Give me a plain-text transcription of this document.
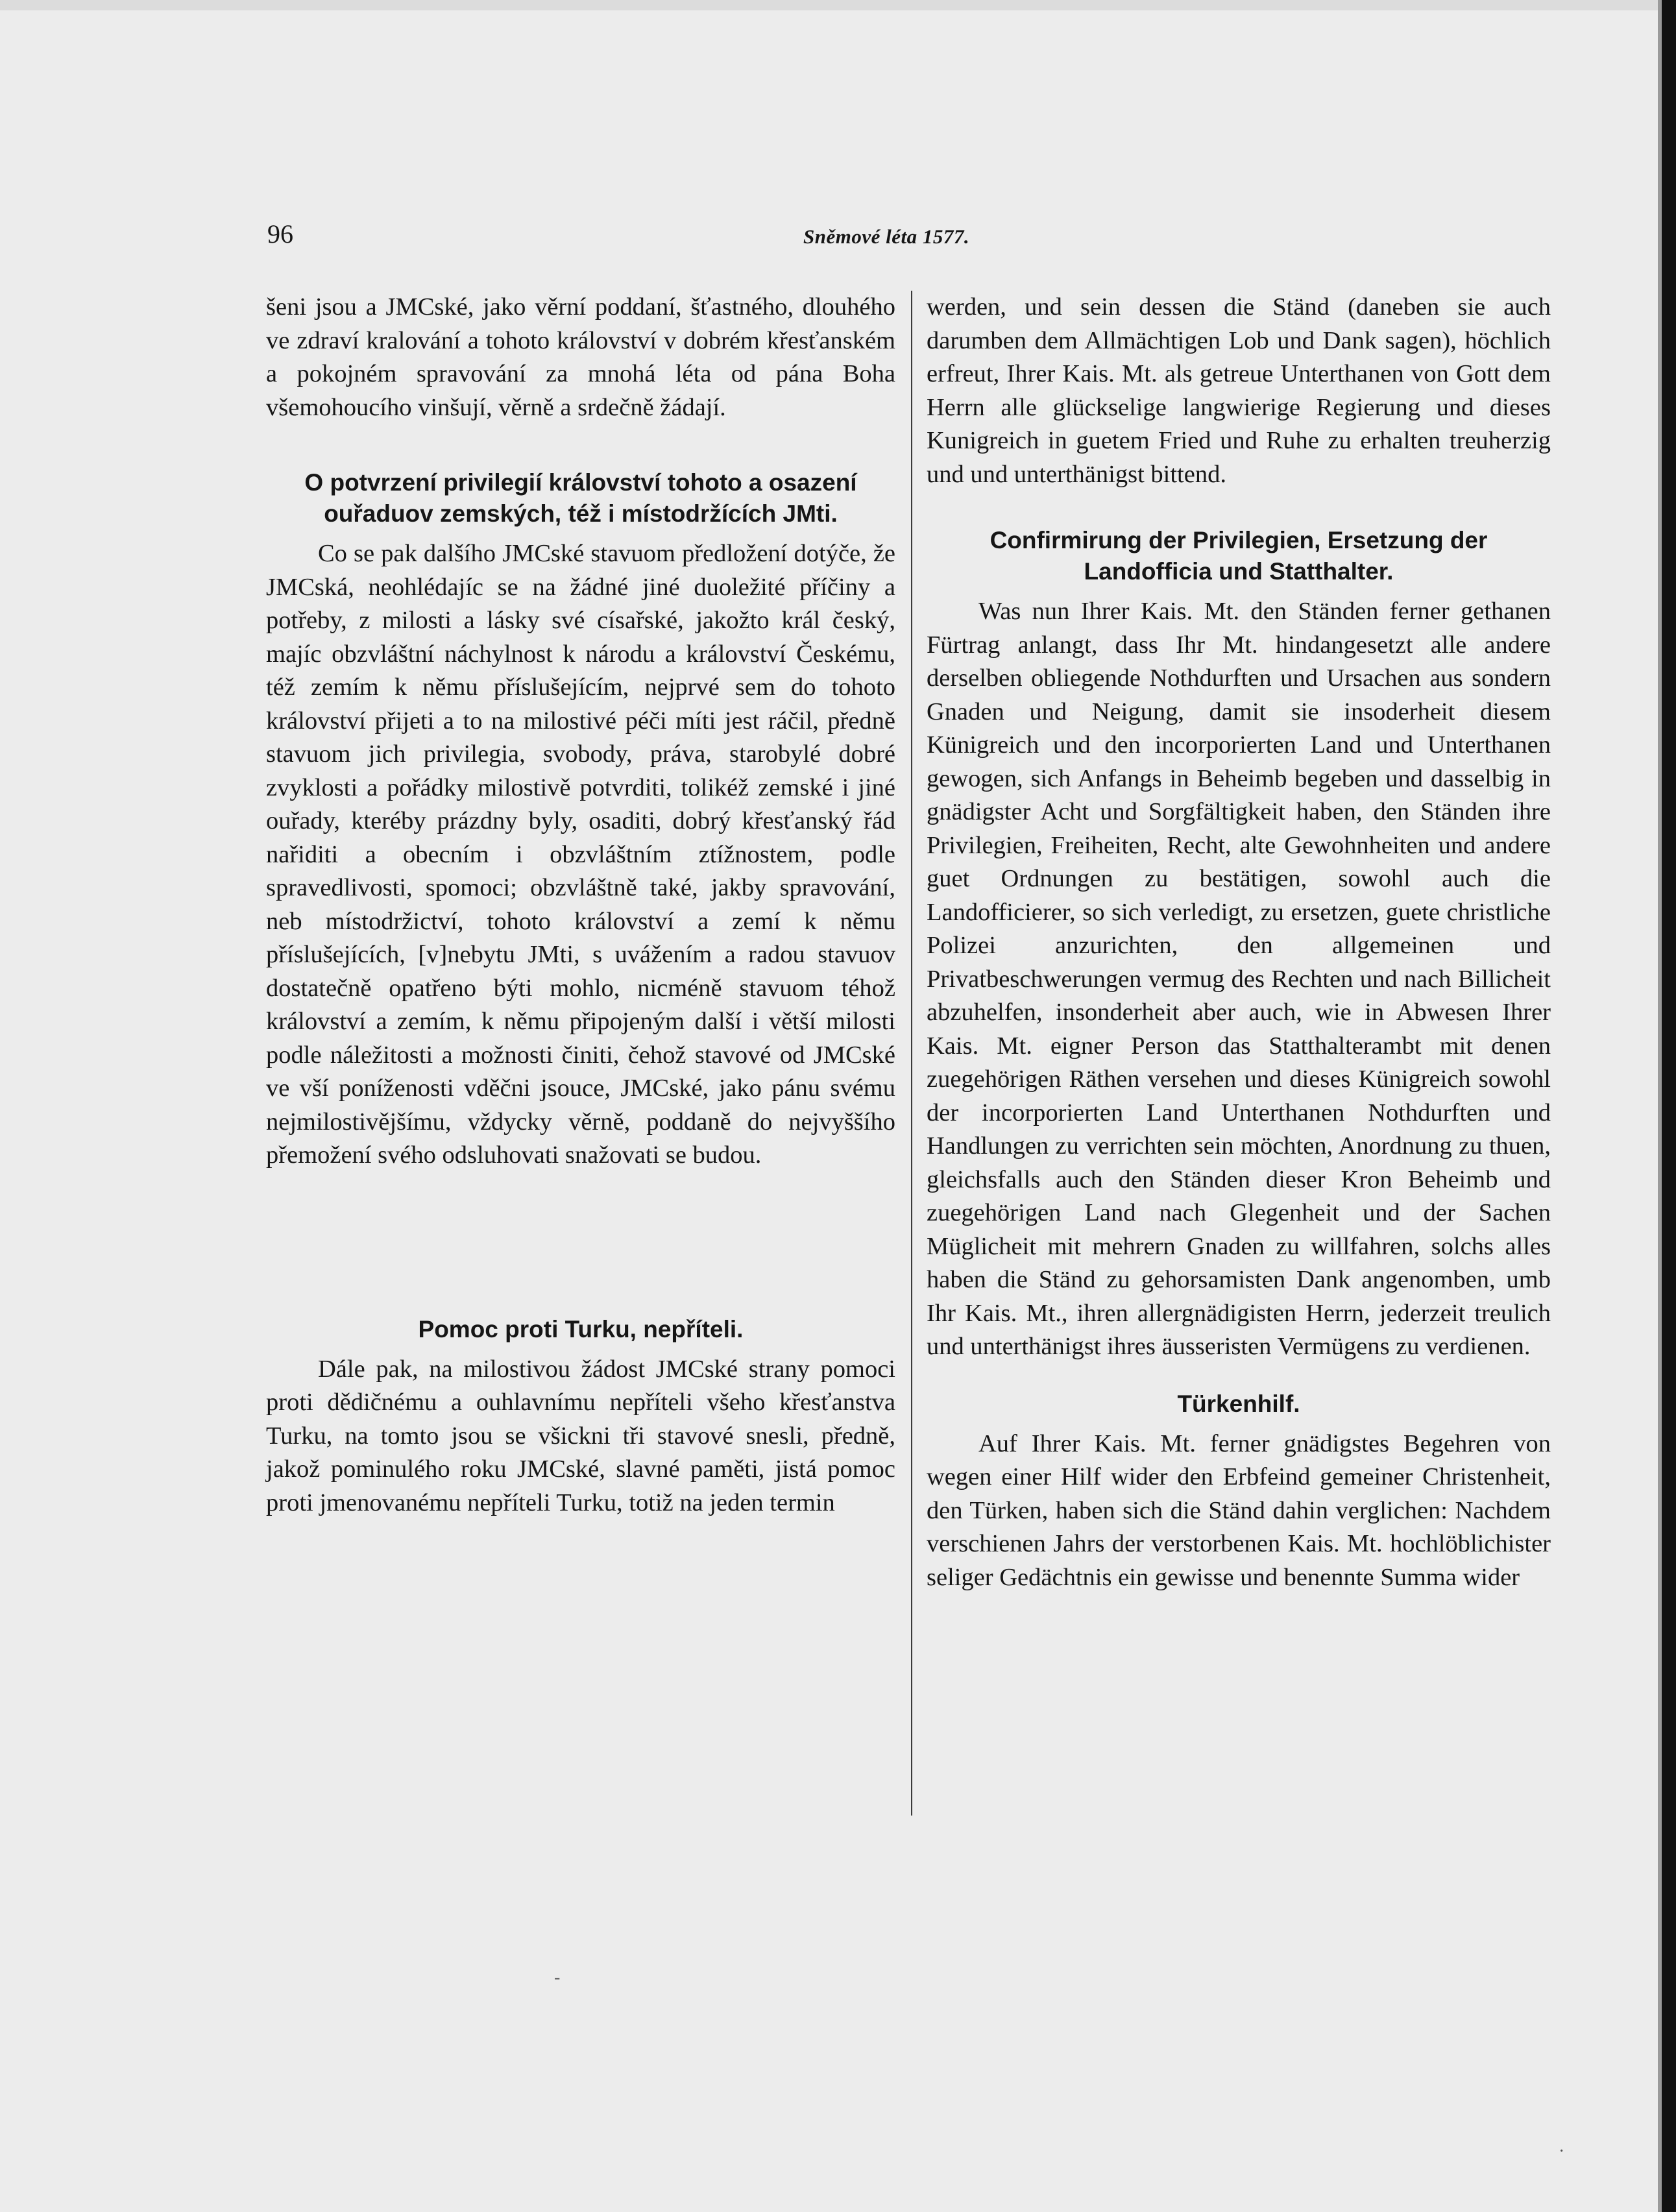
96	Sněmové léta 1577.

šeni jsou a JMCské, jako věrní poddaní, šťastného, dlouhého ve zdraví kralování a tohoto království v dobrém křesťanském a pokojném spravování za mnohá léta od pána Boha všemohoucího vinšují, věrně a srdečně žádají.

O potvrzení privilegií království tohoto a osazení ouřaduov zemských, též i místodržících JMti.

Co se pak dalšího JMCské stavuom předložení dotýče, že JMCská, neohlédajíc se na žádné jiné duoležité příčiny a potřeby, z milosti a lásky své císařské, jakožto král český, majíc obzvláštní náchylnost k národu a království Českému, též zemím k němu příslušejícím, nejprvé sem do tohoto království přijeti a to na milostivé péči míti jest ráčil, předně stavuom jich privilegia, svobody, práva, starobylé dobré zvyklosti a pořádky milostivě potvrditi, tolikéž zemské i jiné ouřady, kteréby prázdny byly, osaditi, dobrý křesťanský řád nařiditi a obecním i obzvláštním ztížnostem, podle spravedlivosti, spomoci; obzvláštně také, jakby spravování, neb místodržictví, tohoto království a zemí k němu příslušejících, [v]nebytu JMti, s uvážením a radou stavuov dostatečně opatřeno býti mohlo, nicméně stavuom téhož království a zemím, k němu připojeným další i větší milosti podle náležitosti a možnosti činiti, čehož stavové od JMCské ve vší poníženosti vděčni jsouce, JMCské, jako pánu svému nejmilostivějšímu, vždycky věrně, poddaně do nejvyššího přemožení svého odsluhovati snažovati se budou.

Pomoc proti Turku, nepříteli.

Dále pak, na milostivou žádost JMCské strany pomoci proti dědičnému a ouhlavnímu nepříteli všeho křesťanstva Turku, na tomto jsou se všickni tři stavové snesli, předně, jakož pominulého roku JMCské, slavné paměti, jistá pomoc proti jmenovanému nepříteli Turku, totiž na jeden termin

werden, und sein dessen die Ständ (daneben sie auch darumben dem Allmächtigen Lob und Dank sagen), höchlich erfreut, Ihrer Kais. Mt. als getreue Unterthanen von Gott dem Herrn alle glückselige langwierige Regierung und dieses Kunigreich in guetem Fried und Ruhe zu erhalten treuherzig und und unterthänigst bittend.

Confirmirung der Privilegien, Ersetzung der Landofficia und Statthalter.

Was nun Ihrer Kais. Mt. den Ständen ferner gethanen Fürtrag anlangt, dass Ihr Mt. hindangesetzt alle andere derselben obliegende Nothdurften und Ursachen aus sondern Gnaden und Neigung, damit sie insoderheit diesem Künigreich und den incorporierten Land und Unterthanen gewogen, sich Anfangs in Beheimb begeben und dasselbig in gnädigster Acht und Sorgfältigkeit haben, den Ständen ihre Privilegien, Freiheiten, Recht, alte Gewohnheiten und andere guet Ordnungen zu bestätigen, sowohl auch die Landofficierer, so sich verledigt, zu ersetzen, guete christliche Polizei anzurichten, den allgemeinen und Privatbeschwerungen vermug des Rechten und nach Billicheit abzuhelfen, insonderheit aber auch, wie in Abwesen Ihrer Kais. Mt. eigner Person das Statthalterambt mit denen zuegehörigen Räthen versehen und dieses Künigreich sowohl der incorporierten Land Unterthanen Nothdurften und Handlungen zu verrichten sein möchten, Anordnung zu thuen, gleichsfalls auch den Ständen dieser Kron Beheimb und zuegehörigen Land nach Glegenheit und der Sachen Müglicheit mit mehrern Gnaden zu willfahren, solchs alles haben die Ständ zu gehorsamisten Dank angenomben, umb Ihr Kais. Mt., ihren allergnädigisten Herrn, jederzeit treulich und unterthänigst ihres äusseristen Vermügens zu verdienen.

Türkenhilf.

Auf Ihrer Kais. Mt. ferner gnädigstes Begehren von wegen einer Hilf wider den Erbfeind gemeiner Christenheit, den Türken, haben sich die Ständ dahin verglichen: Nachdem verschienen Jahrs der verstorbenen Kais. Mt. hochlöblichister seliger Gedächtnis ein gewisse und benennte Summa wider

-
·
